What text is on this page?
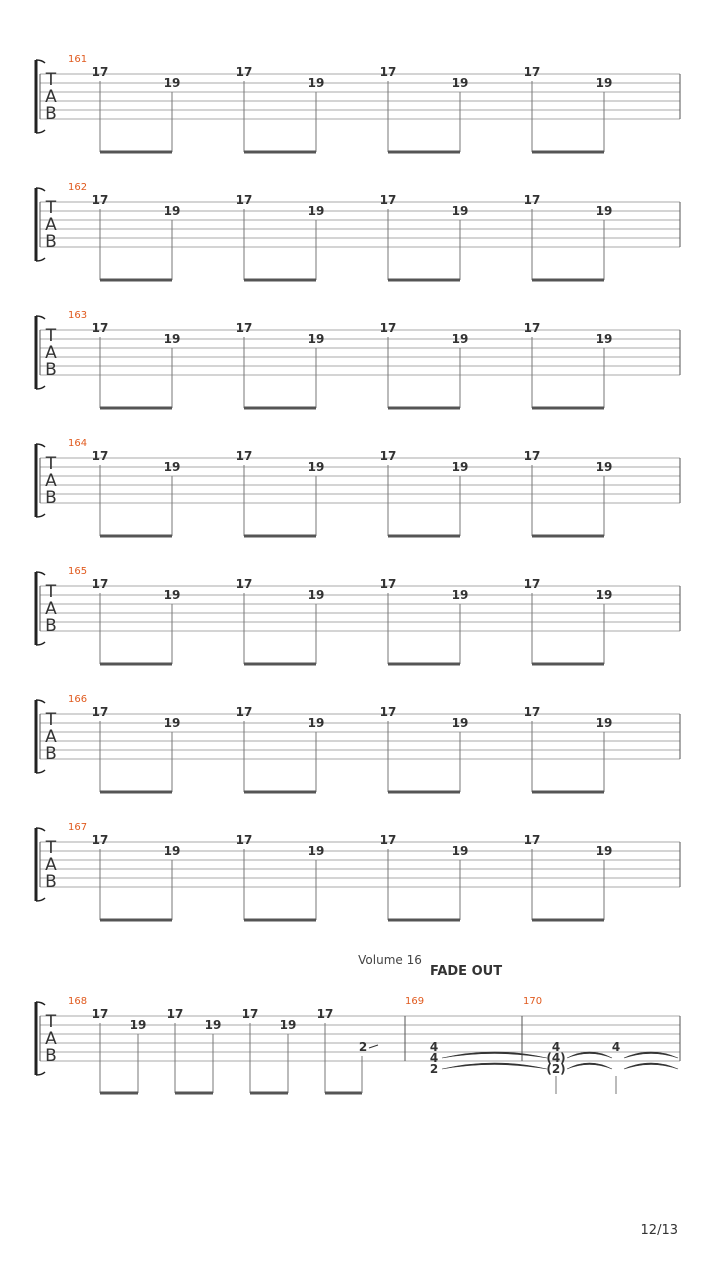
T
A
B
161
17
19
17
19
17
19
17
19
T
A
B
162
17
19
17
19
17
19
17
19
T
A
B
163
17
19
17
19
17
19
17
19
T
A
B
164
17
19
17
19
17
19
17
19
T
A
B
165
17
19
17
19
17
19
17
19
T
A
B
166
17
19
17
19
17
19
17
19
T
A
B
167
17
19
17
19
17
19
17
19
Volume 16
FADE OUT
T
A
B
168	169	170
17
19
17
19
17
19
17
2	4
4
2
4
(4)
(2)
4
12/13
